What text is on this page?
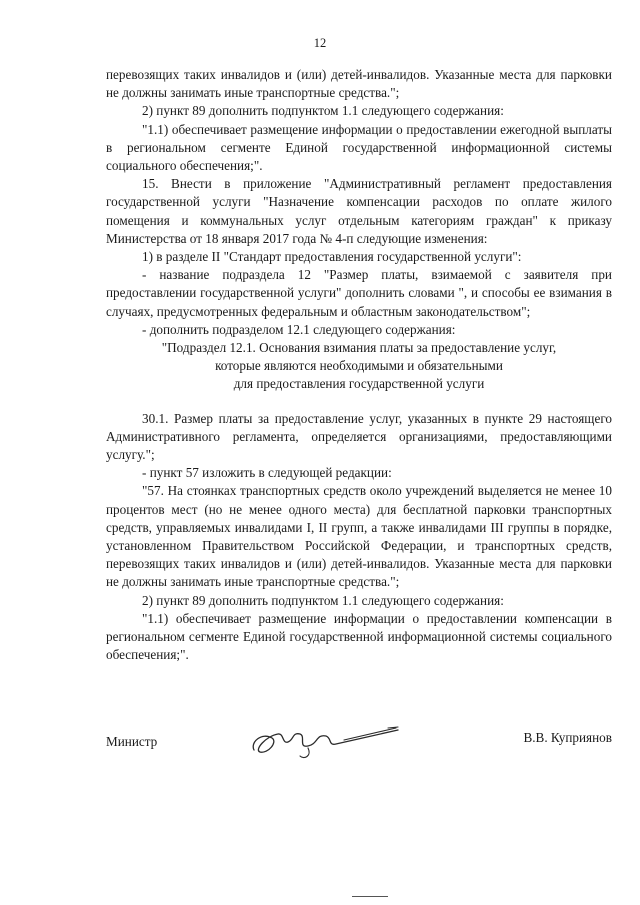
12

перевозящих таких инвалидов и (или) детей-инвалидов. Указанные места для парковки не должны занимать иные транспортные средства.";

2) пункт 89 дополнить подпунктом 1.1 следующего содержания:

"1.1) обеспечивает размещение информации о предоставлении ежегодной выплаты в региональном сегменте Единой государственной информационной системы социального обеспечения;".

15. Внести в приложение "Административный регламент предоставления государственной услуги "Назначение компенсации расходов по оплате жилого помещения и коммунальных услуг отдельным категориям граждан" к приказу Министерства от 18 января 2017 года № 4-п следующие изменения:

1) в разделе II "Стандарт предоставления государственной услуги":

- название подраздела 12 "Размер платы, взимаемой с заявителя при предоставлении государственной услуги" дополнить словами ", и способы ее взимания в случаях, предусмотренных федеральным и областным законодательством";

- дополнить подразделом 12.1 следующего содержания:

"Подраздел 12.1. Основания взимания платы за предоставление услуг,

которые являются необходимыми и обязательными

для предоставления государственной услуги

30.1. Размер платы за предоставление услуг, указанных в пункте 29 настоящего Административного регламента, определяется организациями, предоставляющими услугу.";

- пункт 57 изложить в следующей редакции:

"57. На стоянках транспортных средств около учреждений выделяется не менее 10 процентов мест (но не менее одного места) для бесплатной парковки транспортных средств, управляемых инвалидами I, II групп, а также инвалидами III группы в порядке, установленном Правительством Российской Федерации, и транспортных средств, перевозящих таких инвалидов и (или) детей-инвалидов. Указанные места для парковки не должны занимать иные транспортные средства.";

2) пункт 89 дополнить подпунктом 1.1 следующего содержания:

"1.1) обеспечивает размещение информации о предоставлении компенсации в региональном сегменте Единой государственной информационной системы социального обеспечения;".

Министр	В.В. Куприянов
